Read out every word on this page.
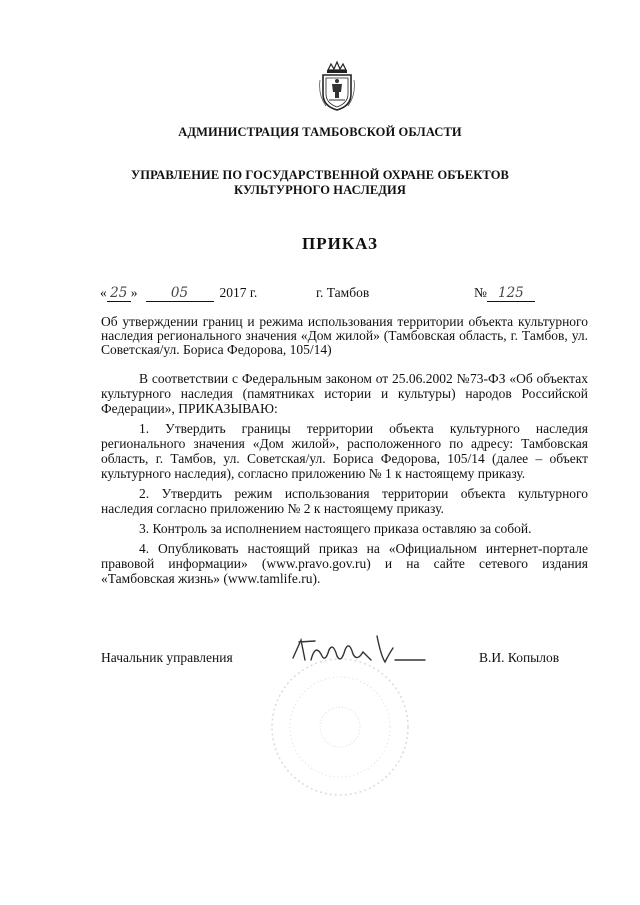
АДМИНИСТРАЦИЯ ТАМБОВСКОЙ ОБЛАСТИ
УПРАВЛЕНИЕ ПО ГОСУДАРСТВЕННОЙ ОХРАНЕ ОБЪЕКТОВ
КУЛЬТУРНОГО НАСЛЕДИЯ
ПРИКАЗ
« 25 » 05 2017 г.	г. Тамбов	№ 125
Об утверждении границ и режима использования территории объекта культурного наследия регионального значения «Дом жилой» (Тамбовская область, г. Тамбов, ул. Советская/ул. Бориса Федорова, 105/14)

В соответствии с Федеральным законом от 25.06.2002 №73-ФЗ «Об объектах культурного наследия (памятниках истории и культуры) народов Российской Федерации», ПРИКАЗЫВАЮ:

1. Утвердить границы территории объекта культурного наследия регионального значения «Дом жилой», расположенного по адресу: Тамбовская область, г. Тамбов, ул. Советская/ул. Бориса Федорова, 105/14 (далее – объект культурного наследия), согласно приложению № 1 к настоящему приказу.

2. Утвердить режим использования территории объекта культурного наследия согласно приложению № 2 к настоящему приказу.

3. Контроль за исполнением настоящего приказа оставляю за собой.

4. Опубликовать настоящий приказ на «Официальном интернет-портале правовой информации» (www.pravo.gov.ru) и на сайте сетевого издания «Тамбовская жизнь» (www.tamlife.ru).

Начальник управления	В.И. Копылов
